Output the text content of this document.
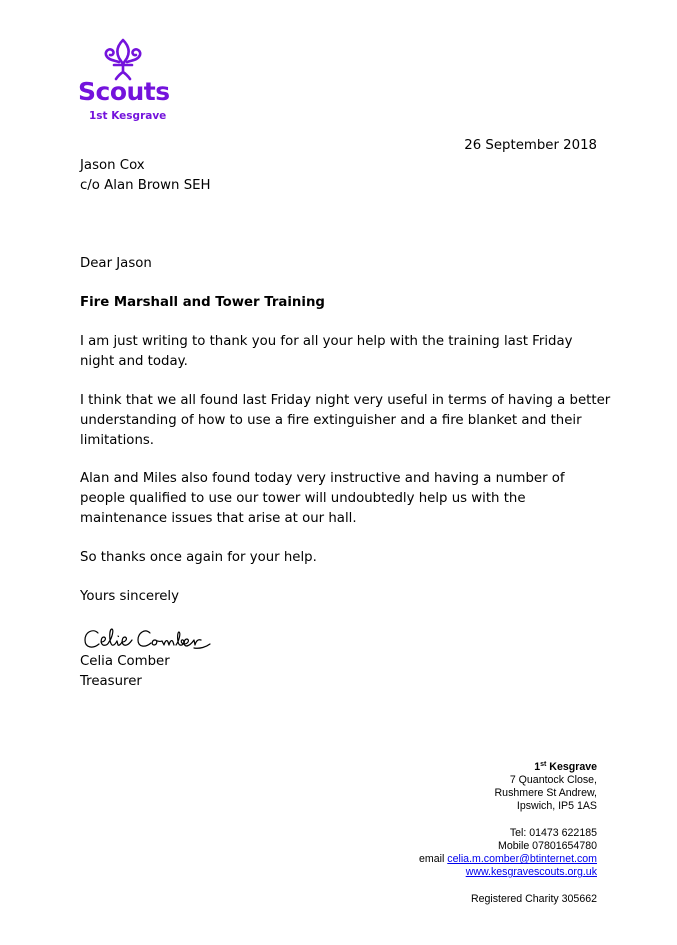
Scouts
1st Kesgrave
26 September 2018
Jason Cox
c/o Alan Brown SEH
Dear Jason
Fire Marshall and Tower Training
I am just writing to thank you for all your help with the training last Friday
night and today.
I think that we all found last Friday night very useful in terms of having a better
understanding of how to use a fire extinguisher and a fire blanket and their
limitations.
Alan and Miles also found today very instructive and having a number of
people qualified to use our tower will undoubtedly help us with the
maintenance issues that arise at our hall.
So thanks once again for your help.
Yours sincerely
Celia Comber
Treasurer
1st Kesgrave
7 Quantock Close,
Rushmere St Andrew,
Ipswich, IP5 1AS
Tel: 01473 622185
Mobile 07801654780
email celia.m.comber@btinternet.com
www.kesgravescouts.org.uk
Registered Charity 305662
